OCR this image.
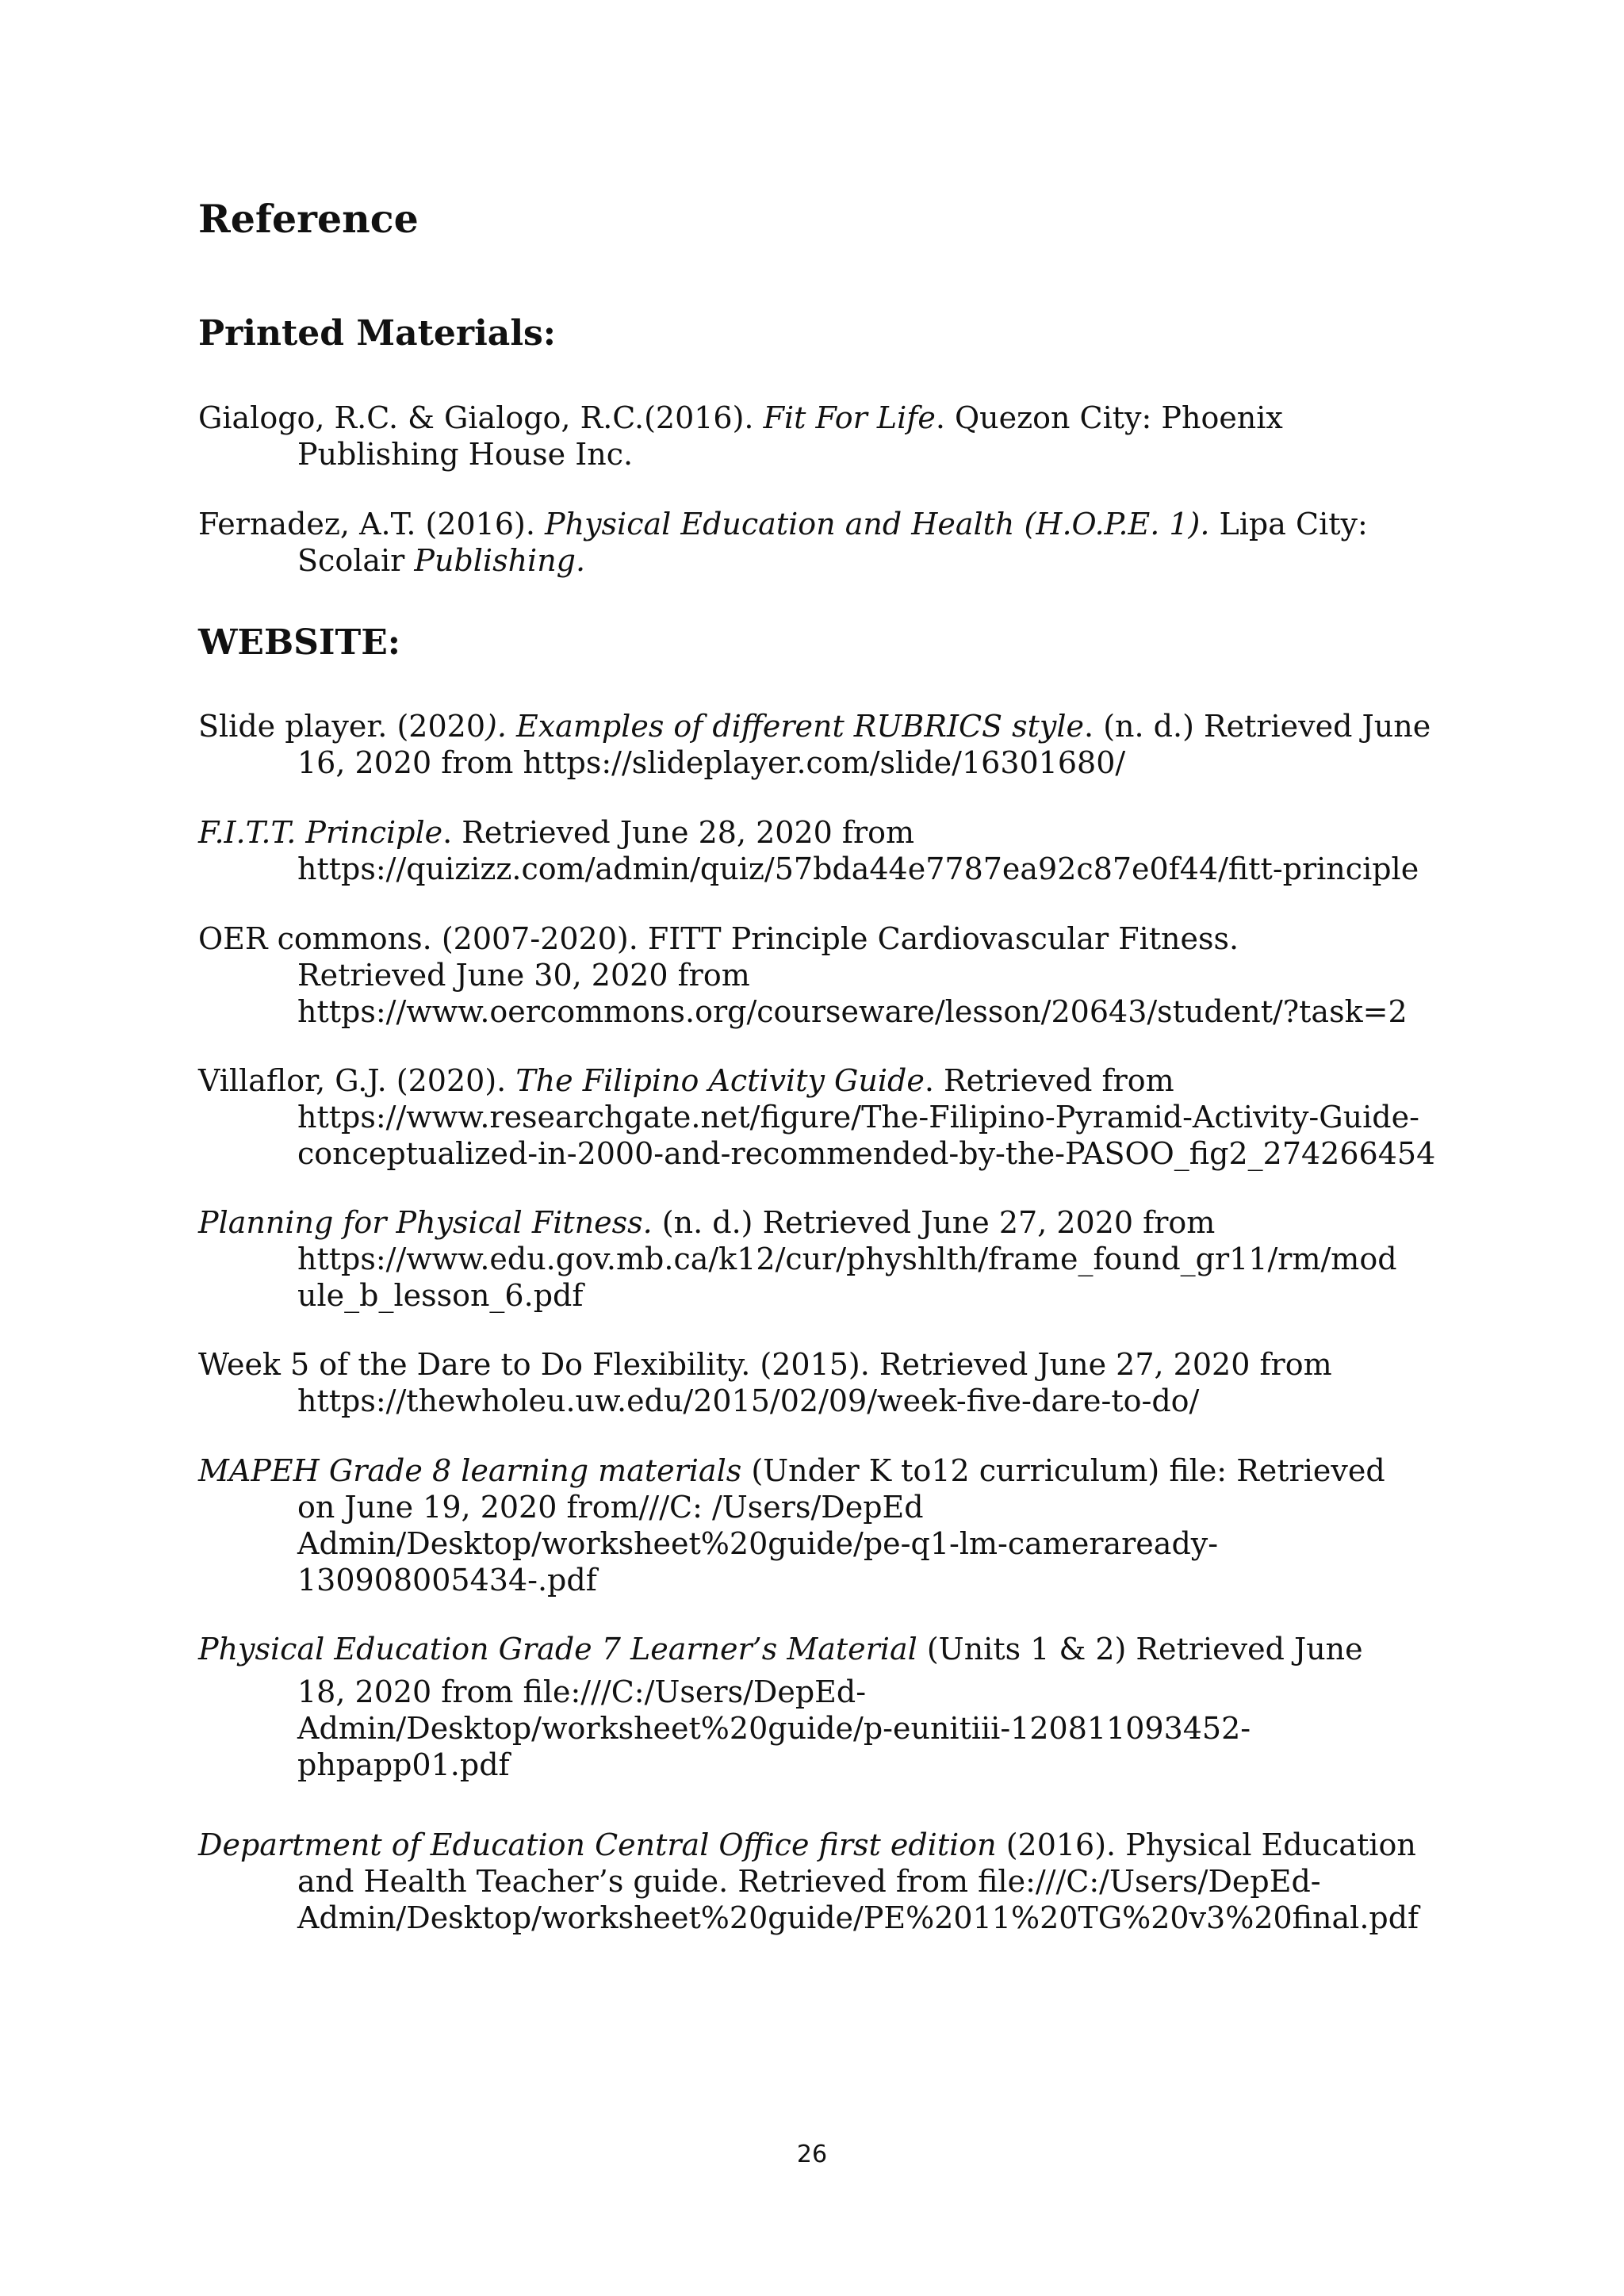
Reference
Printed Materials:
Gialogo, R.C. & Gialogo, R.C.(2016). Fit For Life. Quezon City: Phoenix
Publishing House Inc.
Fernadez, A.T. (2016). Physical Education and Health (H.O.P.E. 1). Lipa City:
Scolair Publishing.
WEBSITE:
Slide player. (2020). Examples of different RUBRICS style. (n. d.) Retrieved June
16, 2020 from https://slideplayer.com/slide/16301680/
F.I.T.T. Principle. Retrieved June 28, 2020 from
https://quizizz.com/admin/quiz/57bda44e7787ea92c87e0f44/fitt-principle
OER commons. (2007-2020). FITT Principle Cardiovascular Fitness.
Retrieved June 30, 2020 from
https://www.oercommons.org/courseware/lesson/20643/student/?task=2
Villaflor, G.J. (2020). The Filipino Activity Guide. Retrieved from
https://www.researchgate.net/figure/The-Filipino-Pyramid-Activity-Guide-
conceptualized-in-2000-and-recommended-by-the-PASOO_fig2_274266454
Planning for Physical Fitness. (n. d.) Retrieved June 27, 2020 from
https://www.edu.gov.mb.ca/k12/cur/physhlth/frame_found_gr11/rm/mod
ule_b_lesson_6.pdf
Week 5 of the Dare to Do Flexibility. (2015). Retrieved June 27, 2020 from
https://thewholeu.uw.edu/2015/02/09/week-five-dare-to-do/
MAPEH Grade 8 learning materials (Under K to12 curriculum) file: Retrieved
on June 19, 2020 from///C: /Users/DepEd
Admin/Desktop/worksheet%20guide/pe-q1-lm-cameraready-
130908005434-.pdf
Physical Education Grade 7 Learner’s Material (Units 1 & 2) Retrieved June
18, 2020 from file:///C:/Users/DepEd-
Admin/Desktop/worksheet%20guide/p-eunitiii-120811093452-
phpapp01.pdf
Department of Education Central Office first edition (2016). Physical Education
and Health Teacher’s guide. Retrieved from file:///C:/Users/DepEd-
Admin/Desktop/worksheet%20guide/PE%2011%20TG%20v3%20final.pdf
26
